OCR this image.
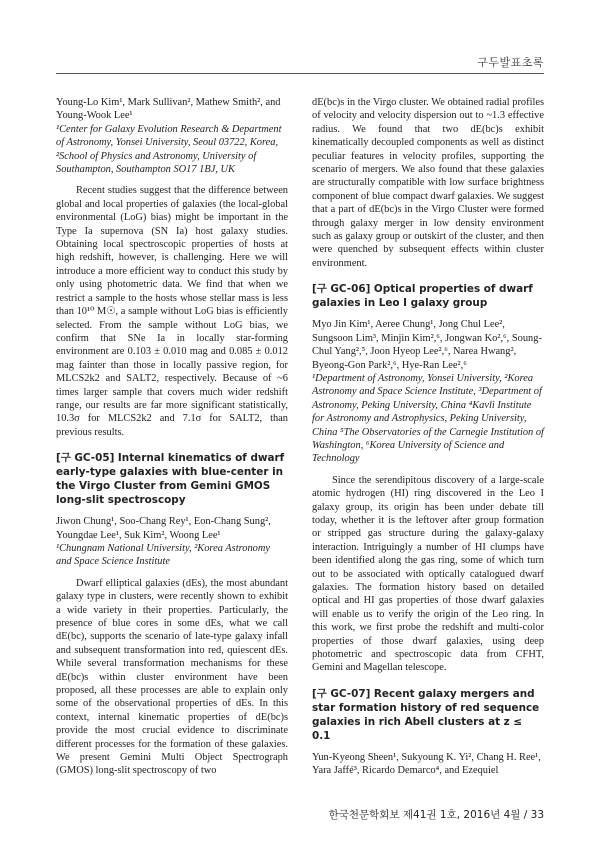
구두발표초록

Young-Lo Kim¹, Mark Sullivan², Mathew Smith², and Young-Wook Lee¹

¹Center for Galaxy Evolution Research & Department of Astronomy, Yonsei University, Seoul 03722, Korea, ²School of Physics and Astronomy, University of Southampton, Southampton SO17 1BJ, UK

Recent studies suggest that the difference between global and local properties of galaxies (the local-global environmental (LoG) bias) might be important in the Type Ia supernova (SN Ia) host galaxy studies. Obtaining local spectroscopic properties of hosts at high redshift, however, is challenging. Here we will introduce a more efficient way to conduct this study by only using photometric data. We find that when we restrict a sample to the hosts whose stellar mass is less than 10¹⁰ M☉, a sample without LoG bias is efficiently selected. From the sample without LoG bias, we confirm that SNe Ia in locally star-forming environment are 0.103 ± 0.010 mag and 0.085 ± 0.012 mag fainter than those in locally passive region, for MLCS2k2 and SALT2, respectively. Because of ~6 times larger sample that covers much wider redshift range, our results are far more significant statistically, 10.3σ for MLCS2k2 and 7.1σ for SALT2, than previous results.

[구 GC-05] Internal kinematics of dwarf early-type galaxies with blue-center in the Virgo Cluster from Gemini GMOS long-slit spectroscopy

Jiwon Chung¹, Soo-Chang Rey¹, Eon-Chang Sung², Youngdae Lee¹, Suk Kim², Woong Lee¹

¹Chungnam National University, ²Korea Astronomy and Space Science Institute

Dwarf elliptical galaxies (dEs), the most abundant galaxy type in clusters, were recently shown to exhibit a wide variety in their properties. Particularly, the presence of blue cores in some dEs, what we call dE(bc), supports the scenario of late-type galaxy infall and subsequent transformation into red, quiescent dEs. While several transformation mechanisms for these dE(bc)s within cluster environment have been proposed, all these processes are able to explain only some of the observational properties of dEs. In this context, internal kinematic properties of dE(bc)s provide the most crucial evidence to discriminate different processes for the formation of these galaxies. We present Gemini Multi Object Spectrograph (GMOS) long-slit spectroscopy of two

dE(bc)s in the Virgo cluster. We obtained radial profiles of velocity and velocity dispersion out to ~1.3 effective radius. We found that two dE(bc)s exhibit kinematically decoupled components as well as distinct peculiar features in velocity profiles, supporting the scenario of mergers. We also found that these galaxies are structurally compatible with low surface brightness component of blue compact dwarf galaxies. We suggest that a part of dE(bc)s in the Virgo Cluster were formed through galaxy merger in low density environment such as galaxy group or outskirt of the cluster, and then were quenched by subsequent effects within cluster environment.

[구 GC-06] Optical properties of dwarf galaxies in Leo I galaxy group

Myo Jin Kim¹, Aeree Chung¹, Jong Chul Lee², Sungsoon Lim³, Minjin Kim²,⁶, Jongwan Ko²,⁶, Soung-Chul Yang²,⁵, Joon Hyeop Lee²,⁶, Narea Hwang², Byeong-Gon Park²,⁶, Hye-Ran Lee²,⁶

¹Department of Astronomy, Yonsei University, ²Korea Astronomy and Space Science Institute, ³Department of Astronomy, Peking University, China ⁴Kavli Institute for Astronomy and Astrophysics, Peking University, China ⁵The Observatories of the Carnegie Institution of Washington, ⁶Korea University of Science and Technology

Since the serendipitous discovery of a large-scale atomic hydrogen (HI) ring discovered in the Leo I galaxy group, its origin has been under debate till today, whether it is the leftover after group formation or stripped gas structure during the galaxy-galaxy interaction. Intriguingly a number of HI clumps have been identified along the gas ring, some of which turn out to be associated with optically catalogued dwarf galaxies. The formation history based on detailed optical and HI gas properties of those dwarf galaxies will enable us to verify the origin of the Leo ring. In this work, we first probe the redshift and multi-color properties of those dwarf galaxies, using deep photometric and spectroscopic data from CFHT, Gemini and Magellan telescope.

[구 GC-07] Recent galaxy mergers and star formation history of red sequence galaxies in rich Abell clusters at z ≤ 0.1

Yun-Kyeong Sheen¹, Sukyoung K. Yi², Chang H. Ree¹, Yara Jaffé³, Ricardo Demarco⁴, and Ezequiel

한국천문학회보 제41권 1호, 2016년 4월 / 33
